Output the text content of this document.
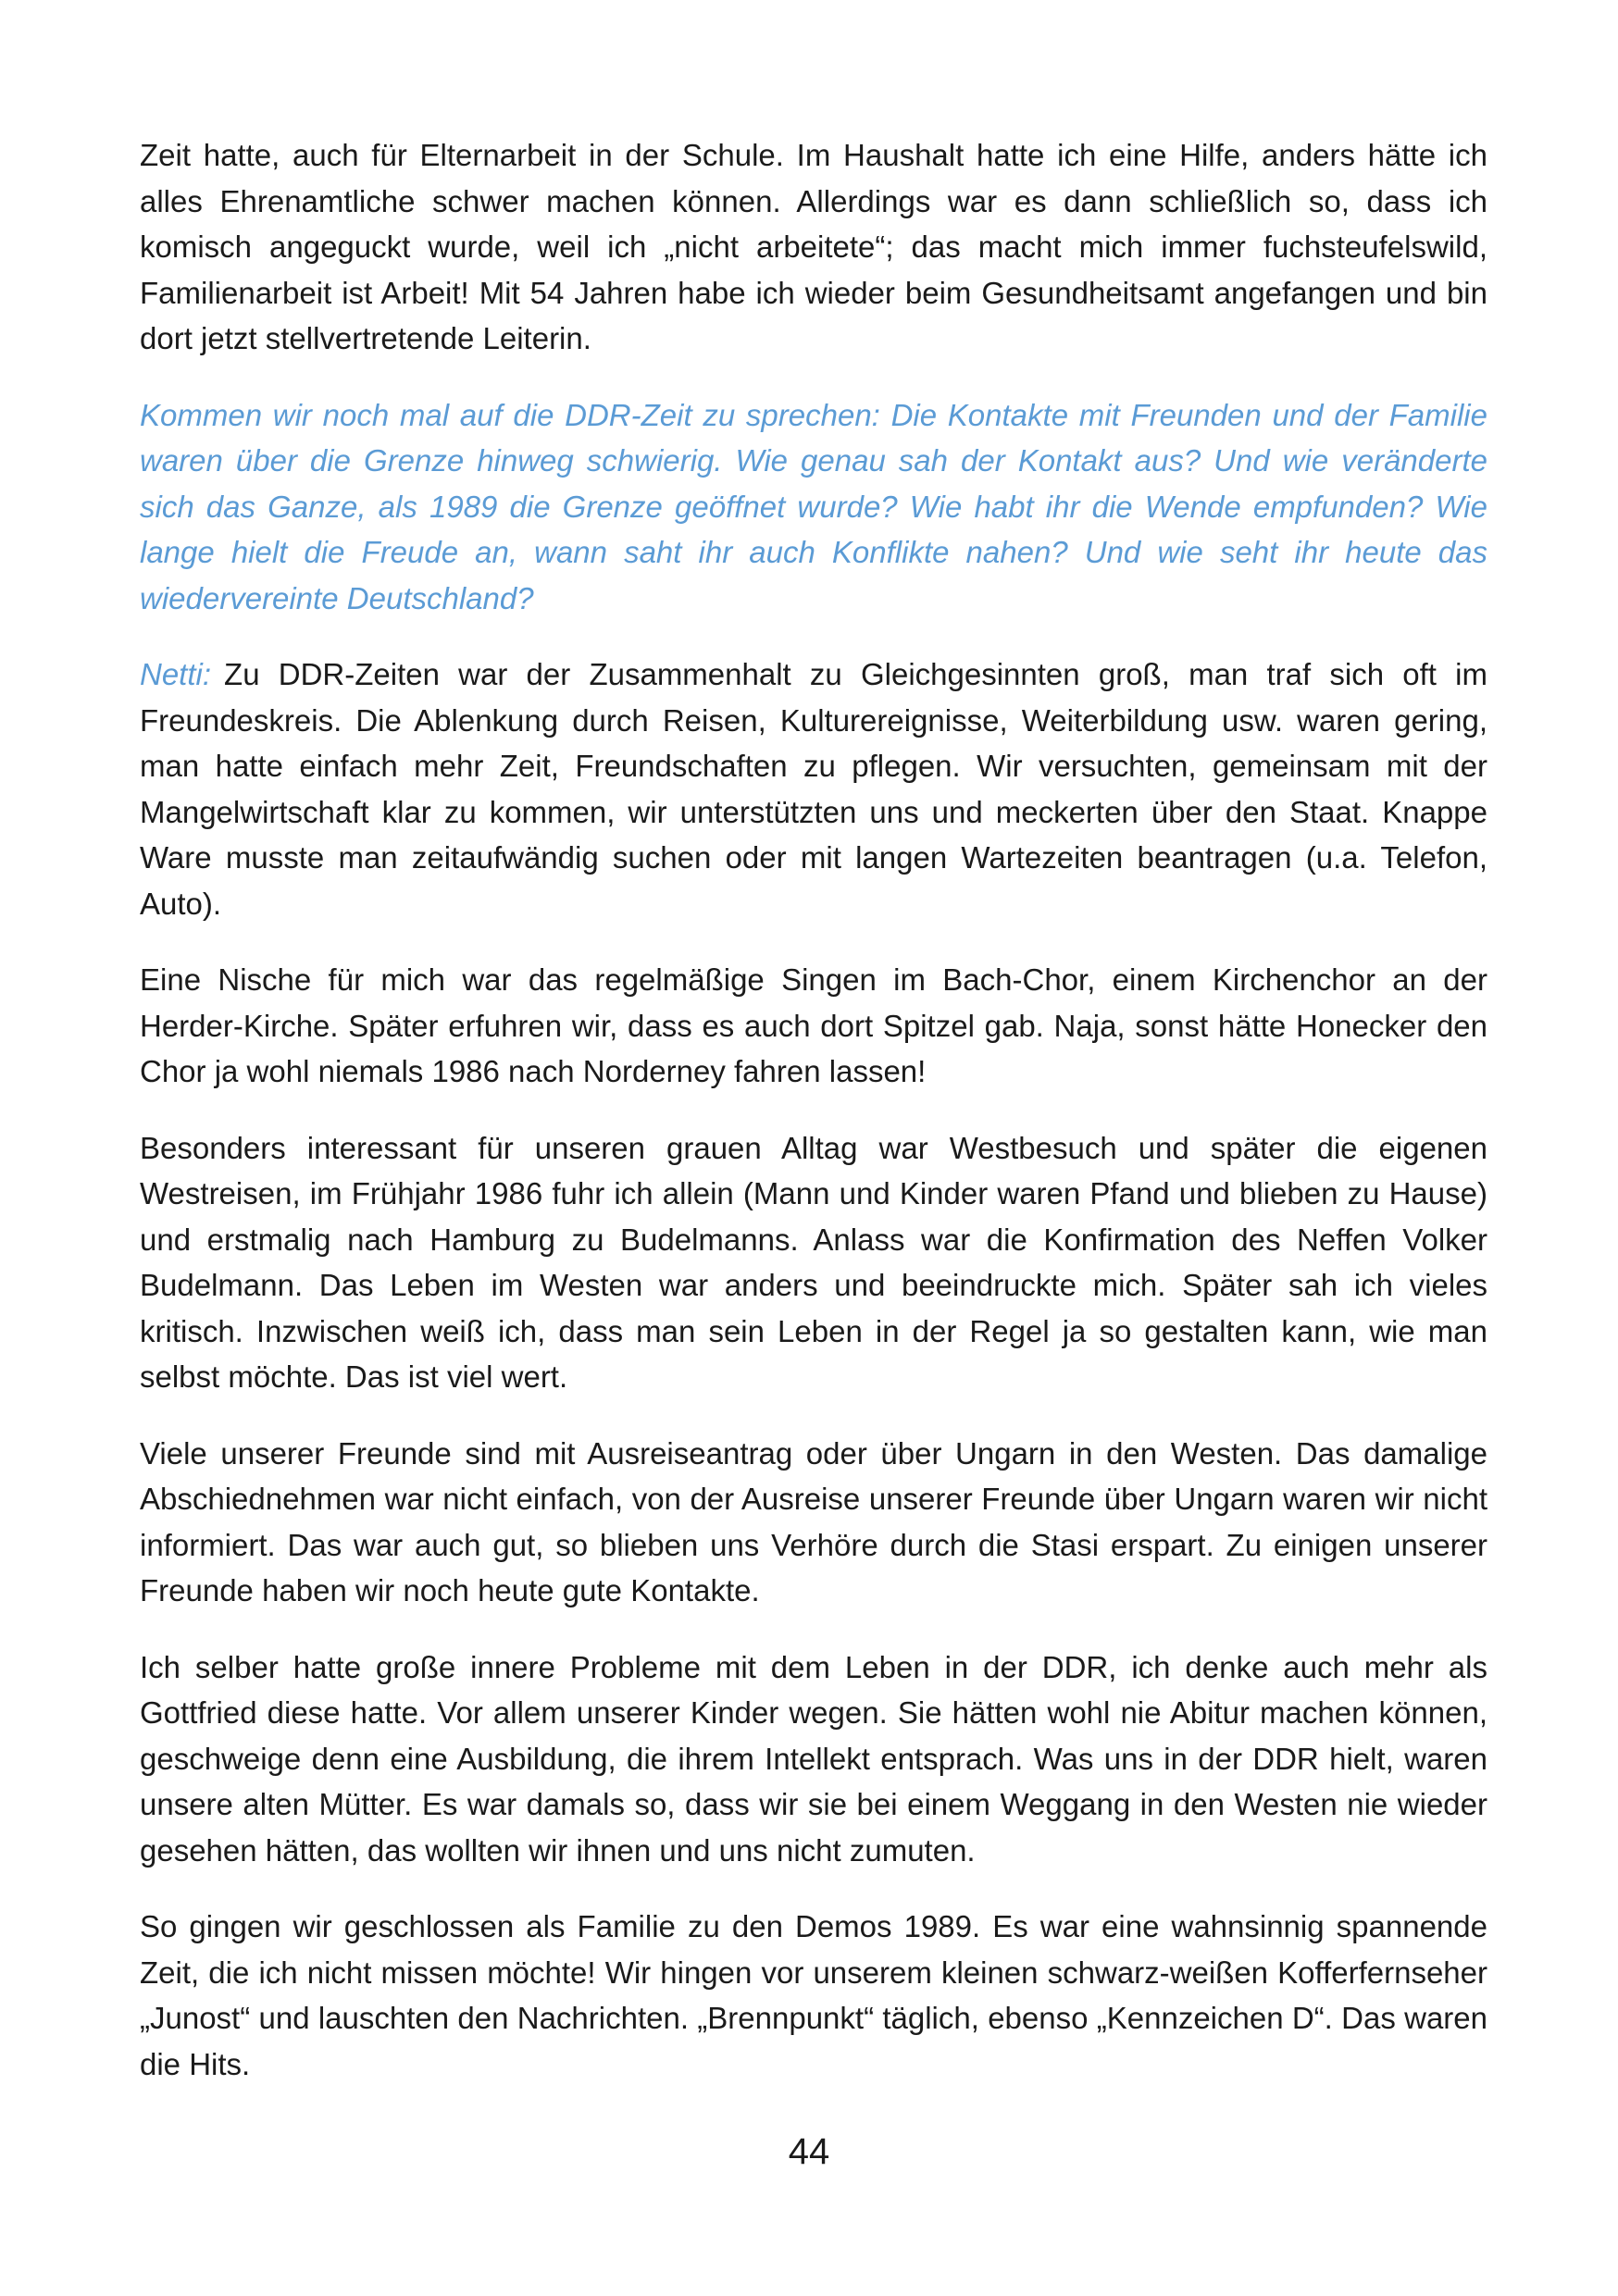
Zeit hatte, auch für Elternarbeit in der Schule. Im Haushalt hatte ich eine Hilfe, anders hätte ich alles Ehrenamtliche schwer machen können. Allerdings war es dann schließlich so, dass ich komisch angeguckt wurde, weil ich „nicht arbeitete“; das macht mich immer fuchsteufelswild, Familienarbeit ist Arbeit! Mit 54 Jahren habe ich wieder beim Gesundheitsamt angefangen und bin dort jetzt stellvertretende Leiterin.

Kommen wir noch mal auf die DDR-Zeit zu sprechen: Die Kontakte mit Freunden und der Familie waren über die Grenze hinweg schwierig. Wie genau sah der Kontakt aus? Und wie veränderte sich das Ganze, als 1989 die Grenze geöffnet wurde? Wie habt ihr die Wende empfunden? Wie lange hielt die Freude an, wann saht ihr auch Konflikte nahen? Und wie seht ihr heute das wiedervereinte Deutschland?

Netti: Zu DDR-Zeiten war der Zusammenhalt zu Gleichgesinnten groß, man traf sich oft im Freundeskreis. Die Ablenkung durch Reisen, Kulturereignisse, Weiterbildung usw. waren gering, man hatte einfach mehr Zeit, Freundschaften zu pflegen. Wir versuchten, gemeinsam mit der Mangelwirtschaft klar zu kommen, wir unterstützten uns und meckerten über den Staat. Knappe Ware musste man zeitaufwändig suchen oder mit langen Wartezeiten beantragen (u.a. Telefon, Auto).

Eine Nische für mich war das regelmäßige Singen im Bach-Chor, einem Kirchenchor an der Herder-Kirche. Später erfuhren wir, dass es auch dort Spitzel gab. Naja, sonst hätte Honecker den Chor ja wohl niemals 1986 nach Norderney fahren lassen!

Besonders interessant für unseren grauen Alltag war Westbesuch und später die eigenen Westreisen, im Frühjahr 1986 fuhr ich allein (Mann und Kinder waren Pfand und blieben zu Hause) und erstmalig nach Hamburg zu Budelmanns. Anlass war die Konfirmation des Neffen Volker Budelmann. Das Leben im Westen war anders und beeindruckte mich. Später sah ich vieles kritisch. Inzwischen weiß ich, dass man sein Leben in der Regel ja so gestalten kann, wie man selbst möchte. Das ist viel wert.

Viele unserer Freunde sind mit Ausreiseantrag oder über Ungarn in den Westen. Das damalige Abschiednehmen war nicht einfach, von der Ausreise unserer Freunde über Ungarn waren wir nicht informiert. Das war auch gut, so blieben uns Verhöre durch die Stasi erspart. Zu einigen unserer Freunde haben wir noch heute gute Kontakte.

Ich selber hatte große innere Probleme mit dem Leben in der DDR, ich denke auch mehr als Gottfried diese hatte. Vor allem unserer Kinder wegen. Sie hätten wohl nie Abitur machen können, geschweige denn eine Ausbildung, die ihrem Intellekt entsprach. Was uns in der DDR hielt, waren unsere alten Mütter. Es war damals so, dass wir sie bei einem Weggang in den Westen nie wieder gesehen hätten, das wollten wir ihnen und uns nicht zumuten.

So gingen wir geschlossen als Familie zu den Demos 1989. Es war eine wahnsinnig spannende Zeit, die ich nicht missen möchte! Wir hingen vor unserem kleinen schwarz-weißen Kofferfernseher „Junost“ und lauschten den Nachrichten. „Brennpunkt“ täglich, ebenso „Kennzeichen D“. Das waren die Hits.

44
